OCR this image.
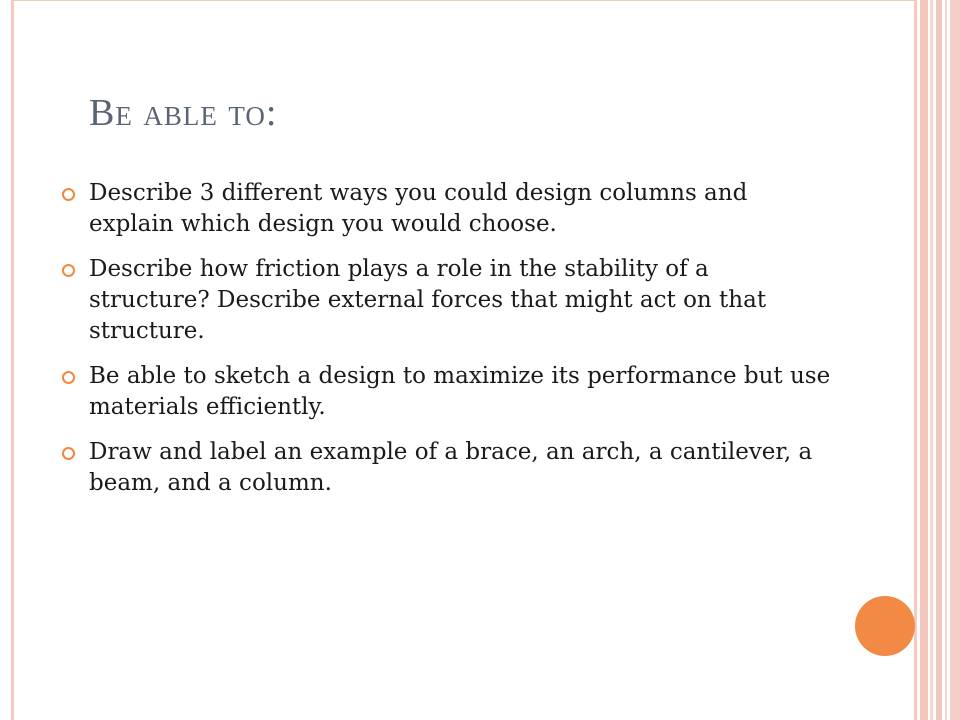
Be able to:
Describe 3 different ways you could design columns and explain which design you would choose.
Describe how friction plays a role in the stability of a structure? Describe external forces that might act on that structure.
Be able to sketch a design to maximize its performance but use materials efficiently.
Draw and label an example of a brace, an arch, a cantilever, a beam, and a column.
